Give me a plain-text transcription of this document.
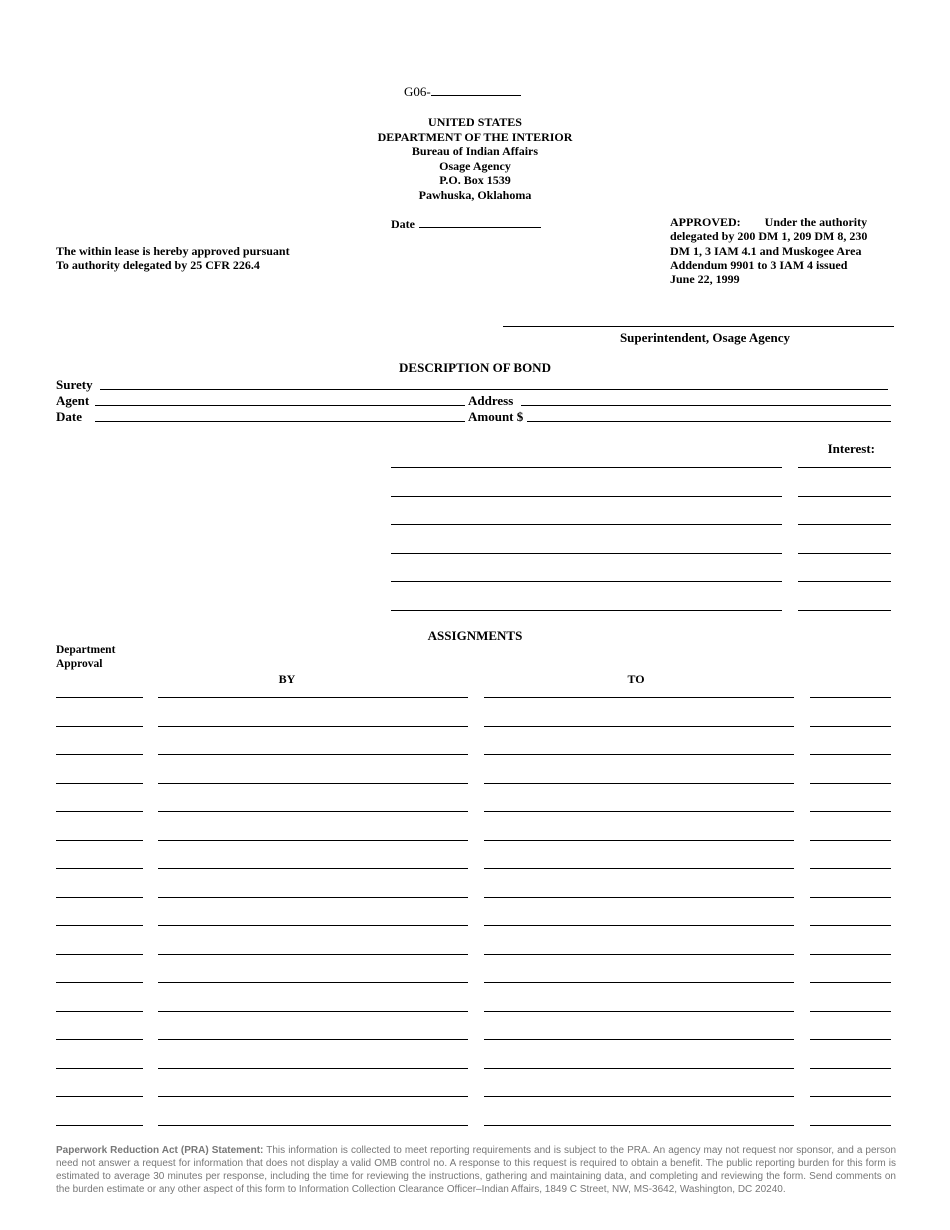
G06-
UNITED STATES
DEPARTMENT OF THE INTERIOR
Bureau of Indian Affairs
Osage Agency
P.O. Box 1539
Pawhuska, Oklahoma
Date	APPROVED: Under the authority
delegated by 200 DM 1, 209 DM 8, 230
DM 1, 3 IAM 4.1 and Muskogee Area
Addendum 9901 to 3 IAM 4 issued
June 22, 1999
The within lease is hereby approved pursuant
To authority delegated by 25 CFR 226.4
Superintendent, Osage Agency
DESCRIPTION OF BOND
Surety
Agent	Address
Date	Amount $
Interest:
ASSIGNMENTS
Department
Approval
BY	TO
Paperwork Reduction Act (PRA) Statement: This information is collected to meet reporting requirements and is subject to the PRA. An agency may not request nor sponsor, and a person need not answer a request for information that does not display a valid OMB control no. A response to this request is required to obtain a benefit. The public reporting burden for this form is estimated to average 30 minutes per response, including the time for reviewing the instructions, gathering and maintaining data, and completing and reviewing the form. Send comments on the burden estimate or any other aspect of this form to Information Collection Clearance Officer–Indian Affairs, 1849 C Street, NW, MS-3642, Washington, DC 20240.
